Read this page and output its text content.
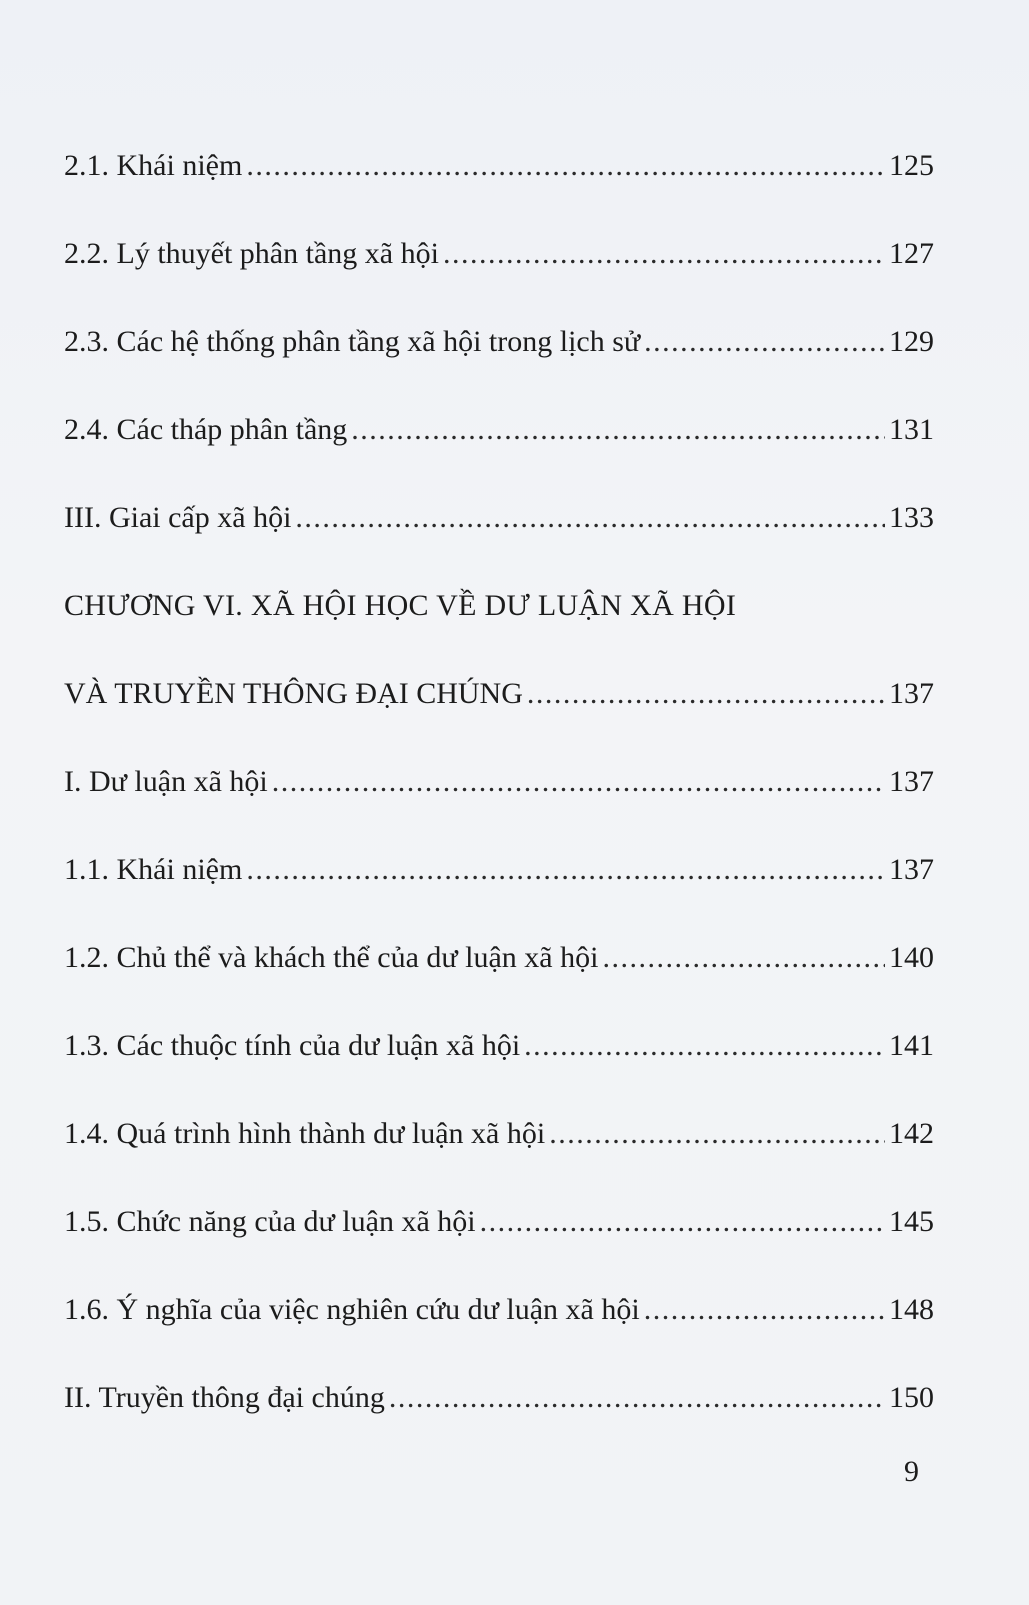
2.1. Khái niệm .....	125
2.2. Lý thuyết phân tầng xã hội .....	127
2.3. Các hệ thống phân tầng xã hội trong lịch sử .....	129
2.4. Các tháp phân tầng .....	131
III. Giai cấp xã hội .....	133
CHƯƠNG VI. XÃ HỘI HỌC VỀ DƯ LUẬN XÃ HỘI
VÀ TRUYỀN THÔNG ĐẠI CHÚNG .....	137
I. Dư luận xã hội .....	137
1.1. Khái niệm .....	137
1.2. Chủ thể và khách thể của dư luận xã hội .....	140
1.3. Các thuộc tính của dư luận xã hội .....	141
1.4. Quá trình hình thành dư luận xã hội .....	142
1.5. Chức năng của dư luận xã hội .....	145
1.6. Ý nghĩa của việc nghiên cứu dư luận xã hội .....	148
II. Truyền thông đại chúng .....	150
9
